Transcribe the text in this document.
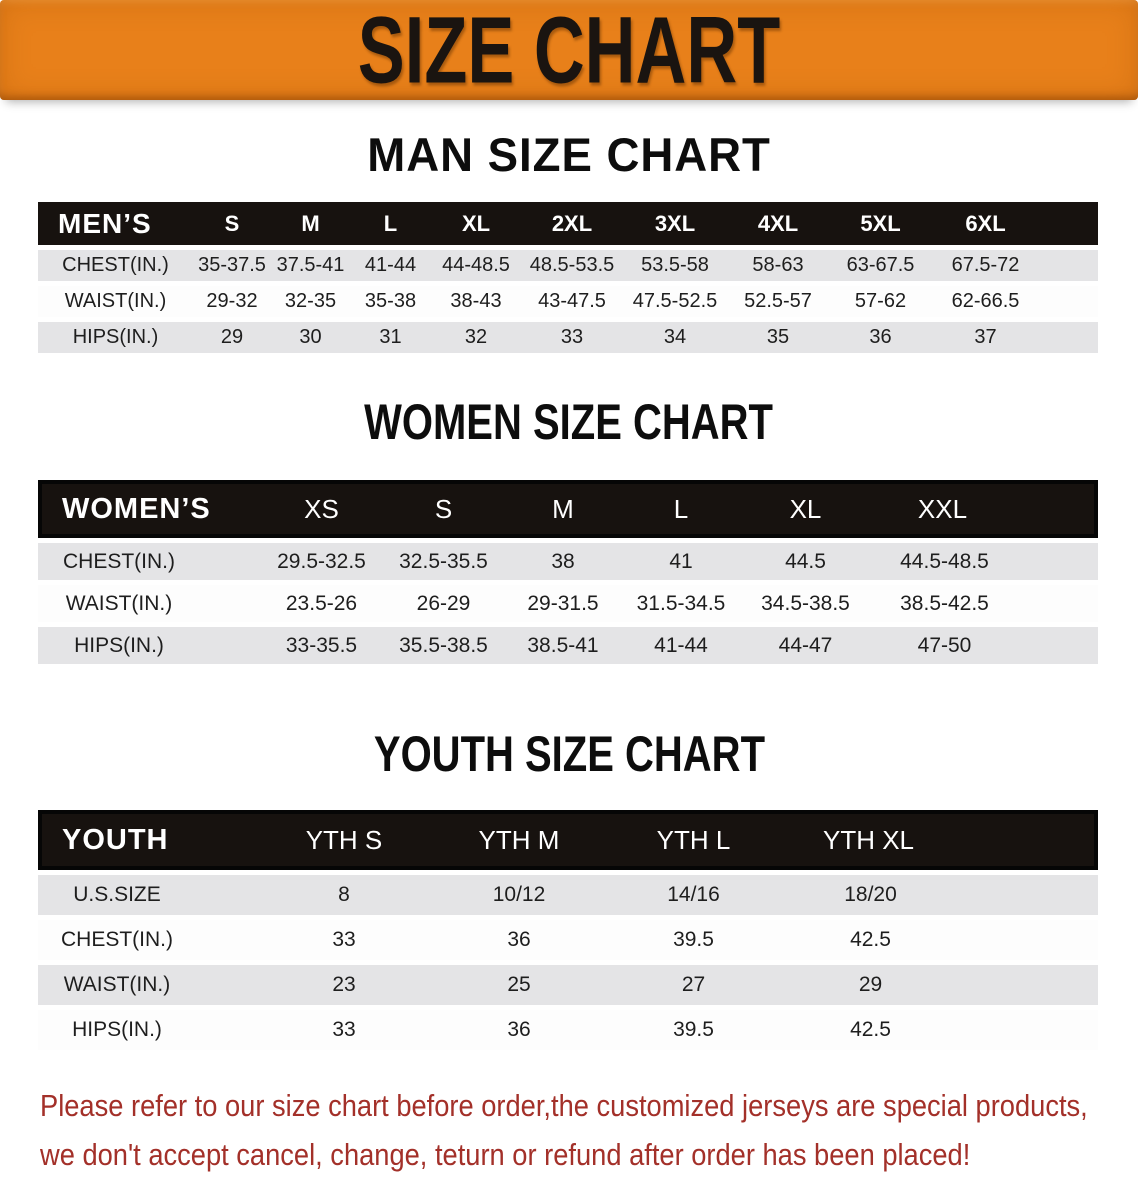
SIZE CHART
MAN SIZE CHART
MEN’S	S	M	L	XL	2XL	3XL	4XL	5XL	6XL
CHEST(IN.)	35-37.5	37.5-41	41-44	44-48.5	48.5-53.5	53.5-58	58-63	63-67.5	67.5-72
WAIST(IN.)	29-32	32-35	35-38	38-43	43-47.5	47.5-52.5	52.5-57	57-62	62-66.5
HIPS(IN.)	29	30	31	32	33	34	35	36	37
WOMEN SIZE CHART
WOMEN’S	XS	S	M	L	XL	XXL
CHEST(IN.)	29.5-32.5	32.5-35.5	38	41	44.5	44.5-48.5
WAIST(IN.)	23.5-26	26-29	29-31.5	31.5-34.5	34.5-38.5	38.5-42.5
HIPS(IN.)	33-35.5	35.5-38.5	38.5-41	41-44	44-47	47-50
YOUTH SIZE CHART
YOUTH	YTH S	YTH M	YTH L	YTH XL
U.S.SIZE	8	10/12	14/16	18/20
CHEST(IN.)	33	36	39.5	42.5
WAIST(IN.)	23	25	27	29
HIPS(IN.)	33	36	39.5	42.5
Please refer to our size chart before order,the customized jerseys are special products,
we don't accept cancel, change, teturn or refund after order has been placed!
